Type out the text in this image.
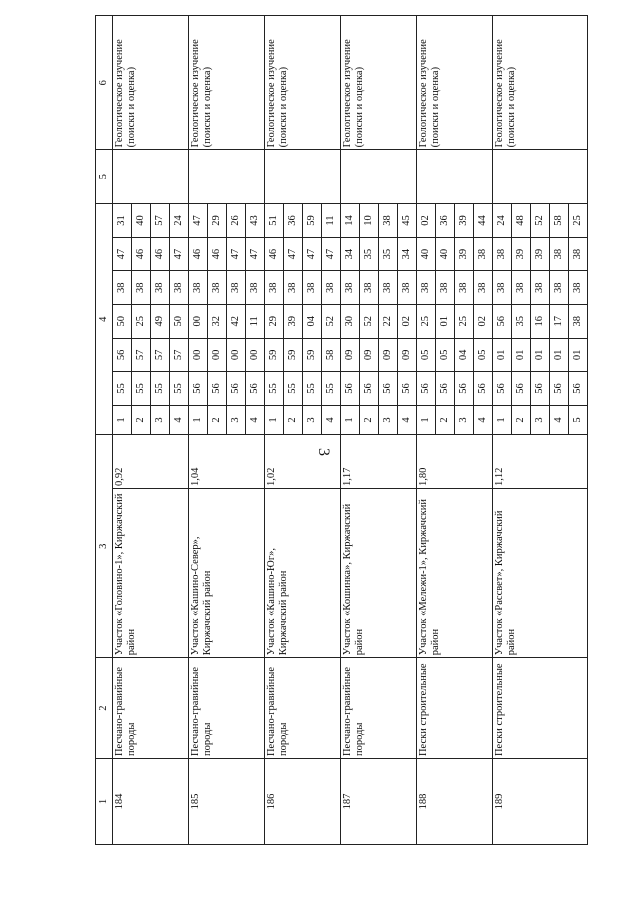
3
1	2	3		4							5	6
184	Песчано-гравийные породы	Участок «Головино-1», Киржачский район	0,92	1	55	56	50	38	47	31		Геологическое изучение (поиски и оценка)
				2	55	57	25	38	46	40		
				3	55	57	49	38	46	57		
				4	55	57	50	38	47	24		
185	Песчано-гравийные породы	Участок «Кашино-Север», Киржачский район	1,04	1	56	00	00	38	46	47		Геологическое изучение (поиски и оценка)
				2	56	00	32	38	46	29		
				3	56	00	42	38	47	26		
				4	56	00	11	38	47	43		
186	Песчано-гравийные породы	Участок «Кашино-Юг», Киржачский район	1,02	1	55	59	29	38	46	51		Геологическое изучение (поиски и оценка)
				2	55	59	39	38	47	36		
				3	55	59	04	38	47	59		
				4	55	58	52	38	47	11		
187	Песчано-гравийные породы	Участок «Кошинка», Киржачский район	1,17	1	56	09	30	38	34	14		Геологическое изучение (поиски и оценка)
				2	56	09	52	38	35	10		
				3	56	09	22	38	35	38		
				4	56	09	02	38	34	45		
188	Пески строительные	Участок «Мележи-1», Киржачский район	1,80	1	56	05	25	38	40	02		Геологическое изучение (поиски и оценка)
				2	56	05	01	38	40	36		
				3	56	04	25	38	39	39		
				4	56	05	02	38	38	44		
189	Пески строительные	Участок «Рассвет», Киржачский район	1,12	1	56	01	56	38	38	24		Геологическое изучение (поиски и оценка)
				2	56	01	35	38	39	48		
				3	56	01	16	38	39	52		
				4	56	01	17	38	38	58		
				5	56	01	38	38	38	25		
